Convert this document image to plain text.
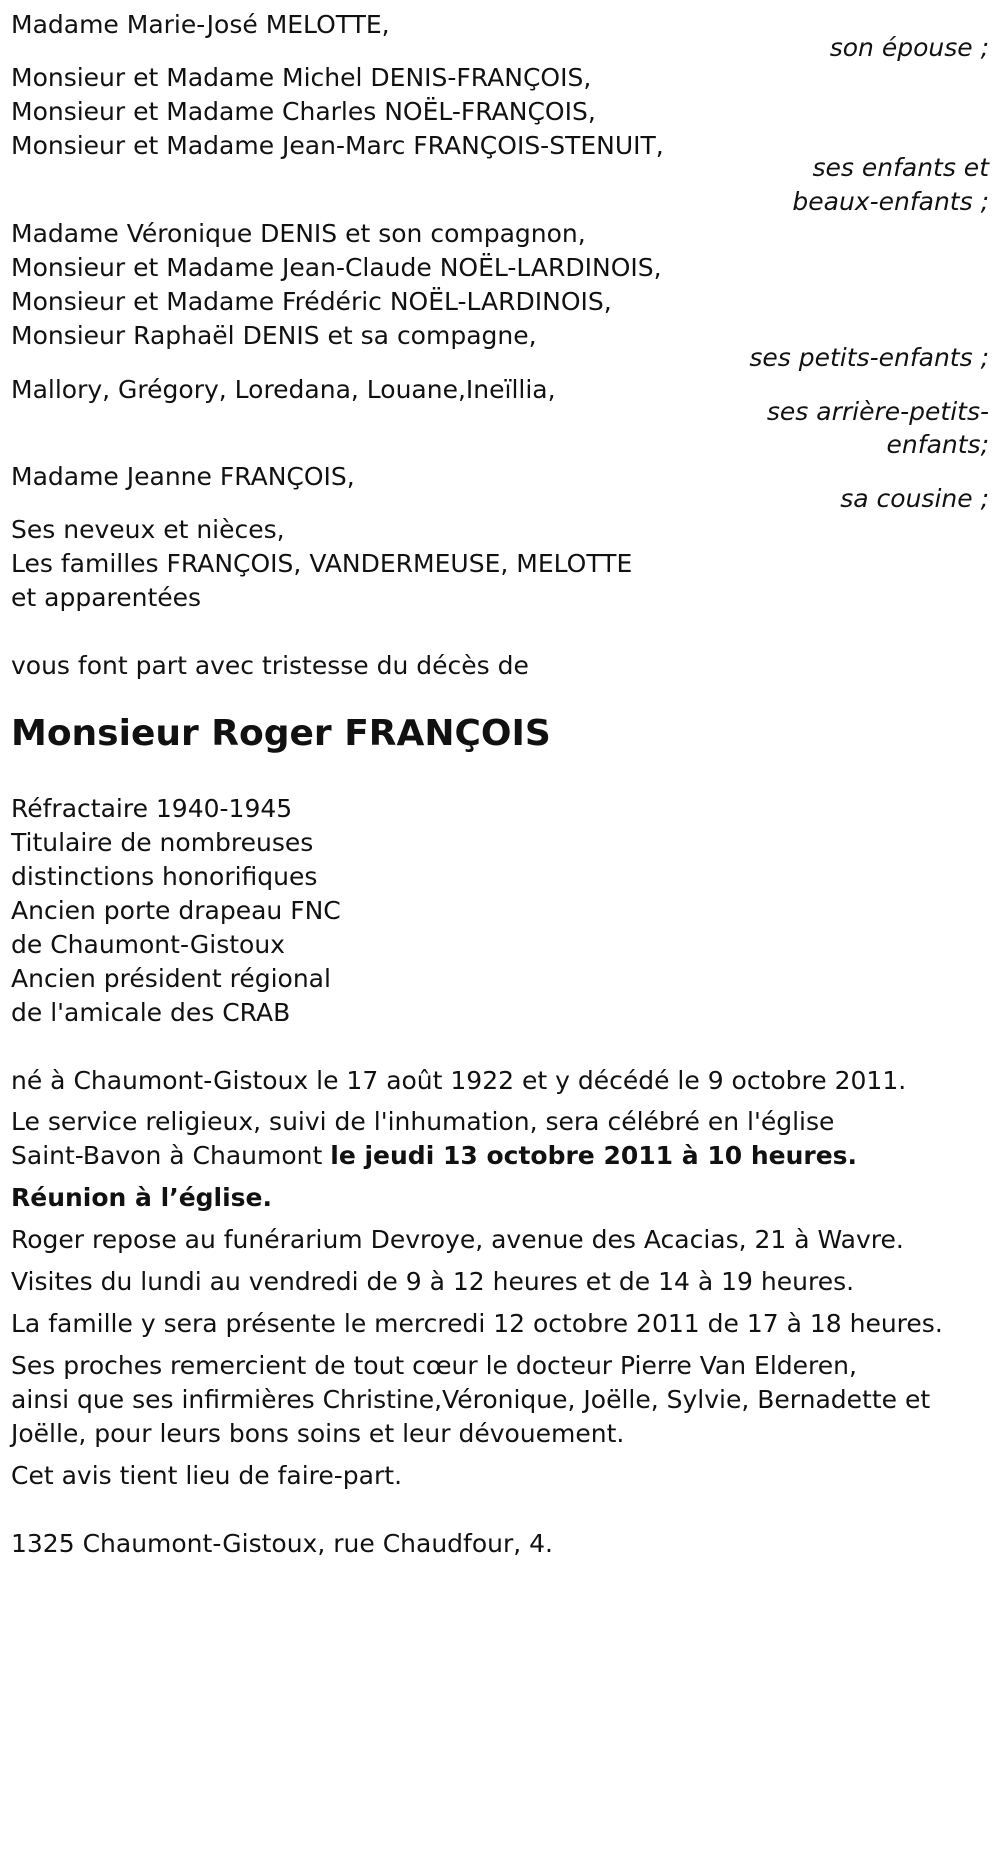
Madame Marie-José MELOTTE,
son épouse ;
Monsieur et Madame Michel DENIS-FRANÇOIS,
Monsieur et Madame Charles NOËL-FRANÇOIS,
Monsieur et Madame Jean-Marc FRANÇOIS-STENUIT,
ses enfants et
beaux-enfants ;
Madame Véronique DENIS et son compagnon,
Monsieur et Madame Jean-Claude NOËL-LARDINOIS,
Monsieur et Madame Frédéric NOËL-LARDINOIS,
Monsieur Raphaël DENIS et sa compagne,
ses petits-enfants ;
Mallory, Grégory, Loredana, Louane,Ineïllia,
ses arrière-petits-
enfants;
Madame Jeanne FRANÇOIS,
sa cousine ;
Ses neveux et nièces,
Les familles FRANÇOIS, VANDERMEUSE, MELOTTE
et apparentées
vous font part avec tristesse du décès de
Monsieur Roger FRANÇOIS
Réfractaire 1940-1945
Titulaire de nombreuses
distinctions honorifiques
Ancien porte drapeau FNC
de Chaumont-Gistoux
Ancien président régional
de l'amicale des CRAB
né à Chaumont-Gistoux le 17 août 1922 et y décédé le 9 octobre 2011.
Le service religieux, suivi de l'inhumation, sera célébré en l'église
Saint-Bavon à Chaumont le jeudi 13 octobre 2011 à 10 heures.
Réunion à l’église.
Roger repose au funérarium Devroye, avenue des Acacias, 21 à Wavre.
Visites du lundi au vendredi de 9 à 12 heures et de 14 à 19 heures.
La famille y sera présente le mercredi 12 octobre 2011 de 17 à 18 heures.
Ses proches remercient de tout cœur le docteur Pierre Van Elderen,
ainsi que ses infirmières Christine,Véronique, Joëlle, Sylvie, Bernadette et
Joëlle, pour leurs bons soins et leur dévouement.
Cet avis tient lieu de faire-part.
1325 Chaumont-Gistoux, rue Chaudfour, 4.
